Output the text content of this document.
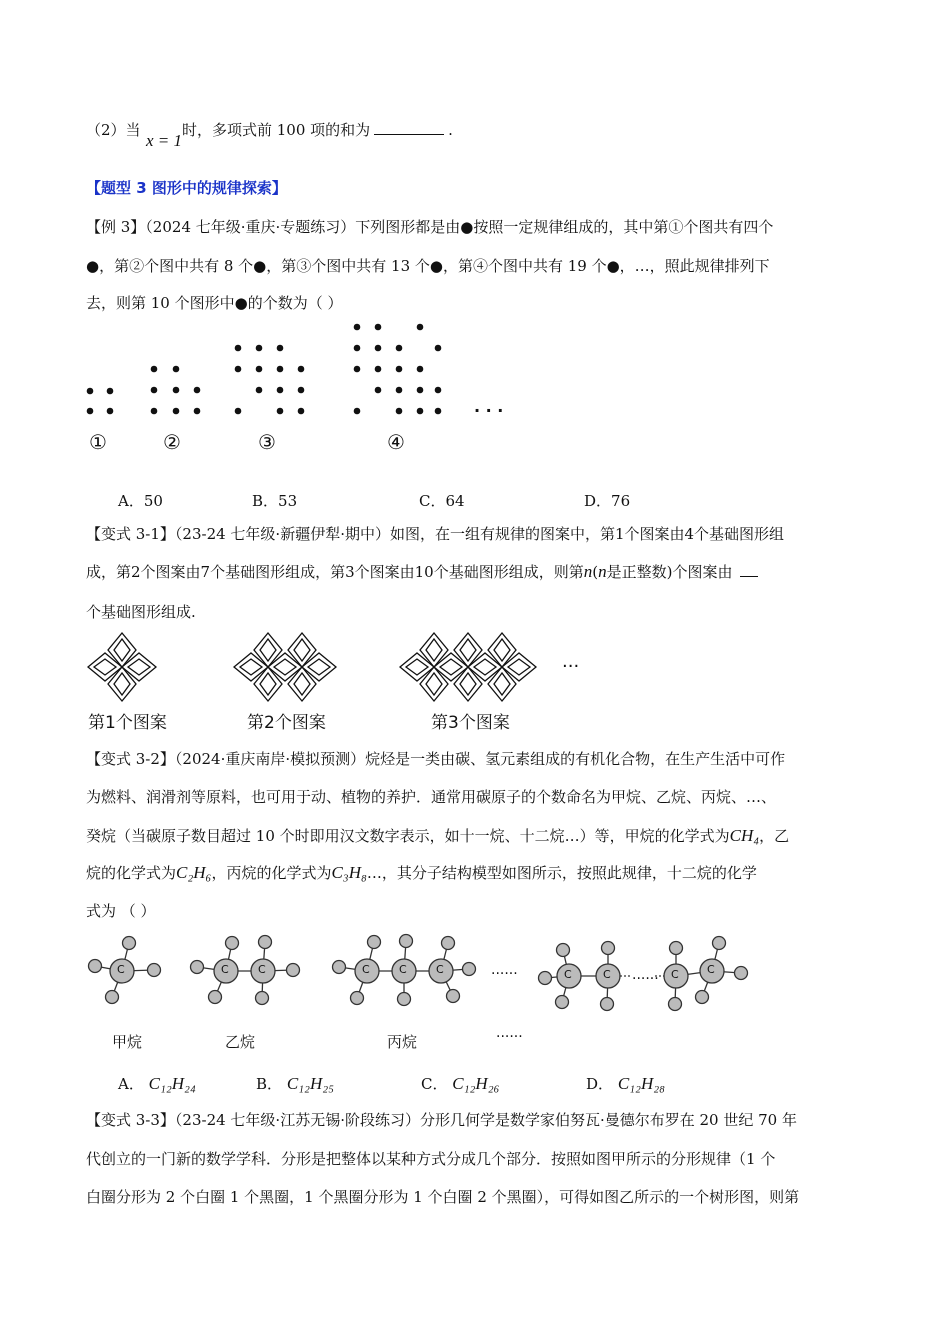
（2）当
x = 1
时，多项式前 100 项的和为	.
【题型 3 图形中的规律探索】
【例 3】（2024 七年级·重庆·专题练习）下列图形都是由●按照一定规律组成的，其中第①个图共有四个
●，第②个图中共有 8 个●，第③个图中共有 13 个●，第④个图中共有 19 个●，…，照此规律排列下
去，则第 10 个图形中●的个数为（ ）
①	②	③	④
. . .
A．50	B．53	C．64	D．76
【变式 3-1】（23-24 七年级·新疆伊犁·期中）如图，在一组有规律的图案中，第1个图案由4个基础图形组
成，第2个图案由7个基础图形组成，第3个图案由10个基础图形组成，则第n(n是正整数)个图案由
个基础图形组成.
···
第1个图案	第2个图案	第3个图案
【变式 3-2】（2024·重庆南岸·模拟预测）烷烃是一类由碳、氢元素组成的有机化合物，在生产生活中可作
为燃料、润滑剂等原料，也可用于动、植物的养护．通常用碳原子的个数命名为甲烷、乙烷、丙烷、…、
癸烷（当碳原子数目超过 10 个时即用汉文数字表示，如十一烷、十二烷…）等，甲烷的化学式为CH₄，乙
烷的化学式为C₂H₆，丙烷的化学式为C₃H₈…，其分子结构模型如图所示，按照此规律，十二烷的化学
式为 （ ）
C	C	C	C	C	C	C	C	C	C
......	......
甲烷	乙烷	丙烷	......
A． C₁₂H₂₄	B． C₁₂H₂₅	C． C₁₂H₂₆	D． C₁₂H₂₈
【变式 3-3】（23-24 七年级·江苏无锡·阶段练习）分形几何学是数学家伯努瓦·曼德尔布罗在 20 世纪 70 年
代创立的一门新的数学学科．分形是把整体以某种方式分成几个部分．按照如图甲所示的分形规律（1 个
白圈分形为 2 个白圈 1 个黑圈，1 个黑圈分形为 1 个白圈 2 个黑圈），可得如图乙所示的一个树形图，则第
